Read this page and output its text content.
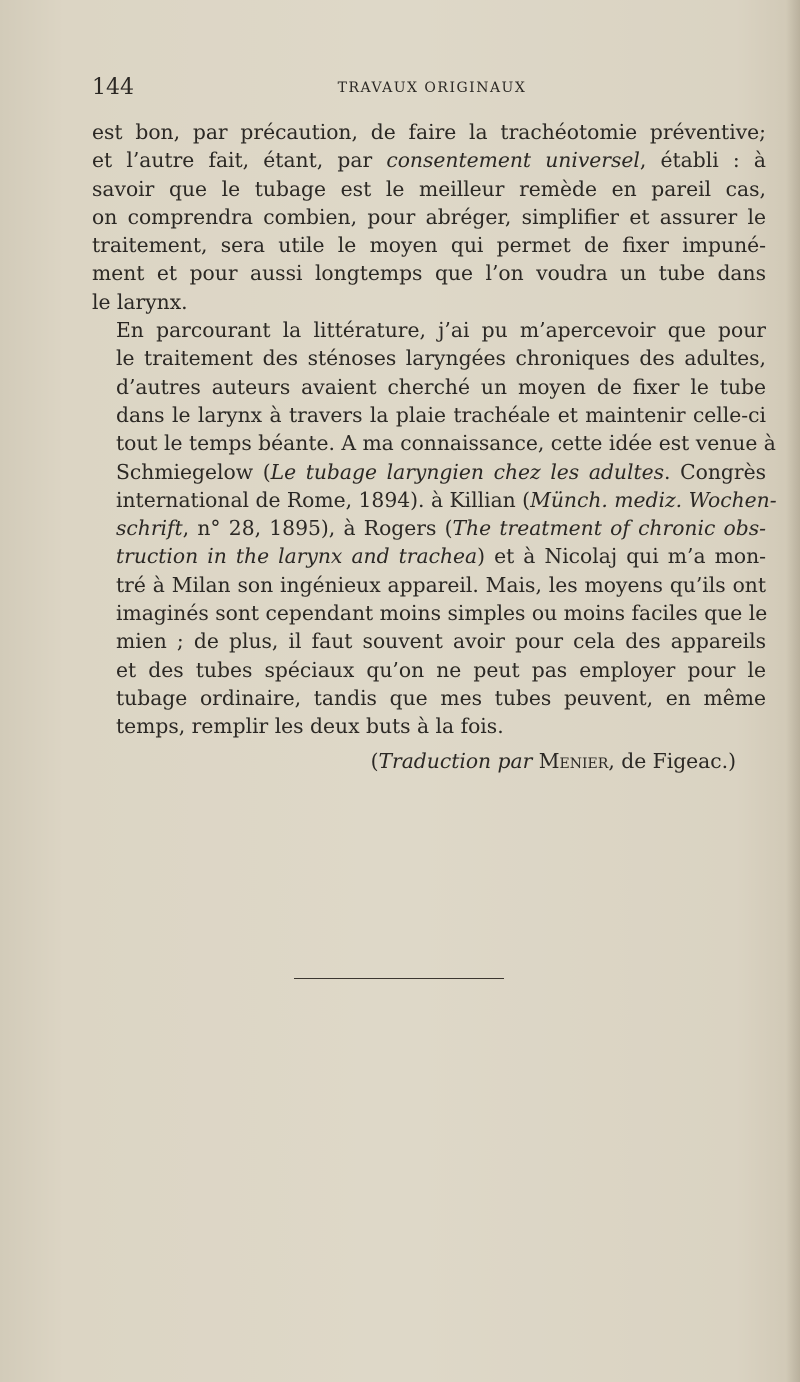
144	TRAVAUX ORIGINAUX

est bon, par précaution, de faire la trachéotomie préventive;
et l’autre fait, étant, par consentement universel, établi : à
savoir que le tubage est le meilleur remède en pareil cas,
on comprendra combien, pour abréger, simplifier et assurer le
traitement, sera utile le moyen qui permet de fixer impuné-
ment et pour aussi longtemps que l’on voudra un tube dans
le larynx.

En parcourant la littérature, j’ai pu m’apercevoir que pour
le traitement des sténoses laryngées chroniques des adultes,
d’autres auteurs avaient cherché un moyen de fixer le tube
dans le larynx à travers la plaie trachéale et maintenir celle-ci
tout le temps béante. A ma connaissance, cette idée est venue à
Schmiegelow (Le tubage laryngien chez les adultes. Congrès
international de Rome, 1894). à Killian (Münch. mediz. Wochen-
schrift, n° 28, 1895), à Rogers (The treatment of chronic obs-
truction in the larynx and trachea) et à Nicolaj qui m’a mon-
tré à Milan son ingénieux appareil. Mais, les moyens qu’ils ont
imaginés sont cependant moins simples ou moins faciles que le
mien ; de plus, il faut souvent avoir pour cela des appareils
et des tubes spéciaux qu’on ne peut pas employer pour le
tubage ordinaire, tandis que mes tubes peuvent, en même
temps, remplir les deux buts à la fois.

(Traduction par Menier, de Figeac.)
